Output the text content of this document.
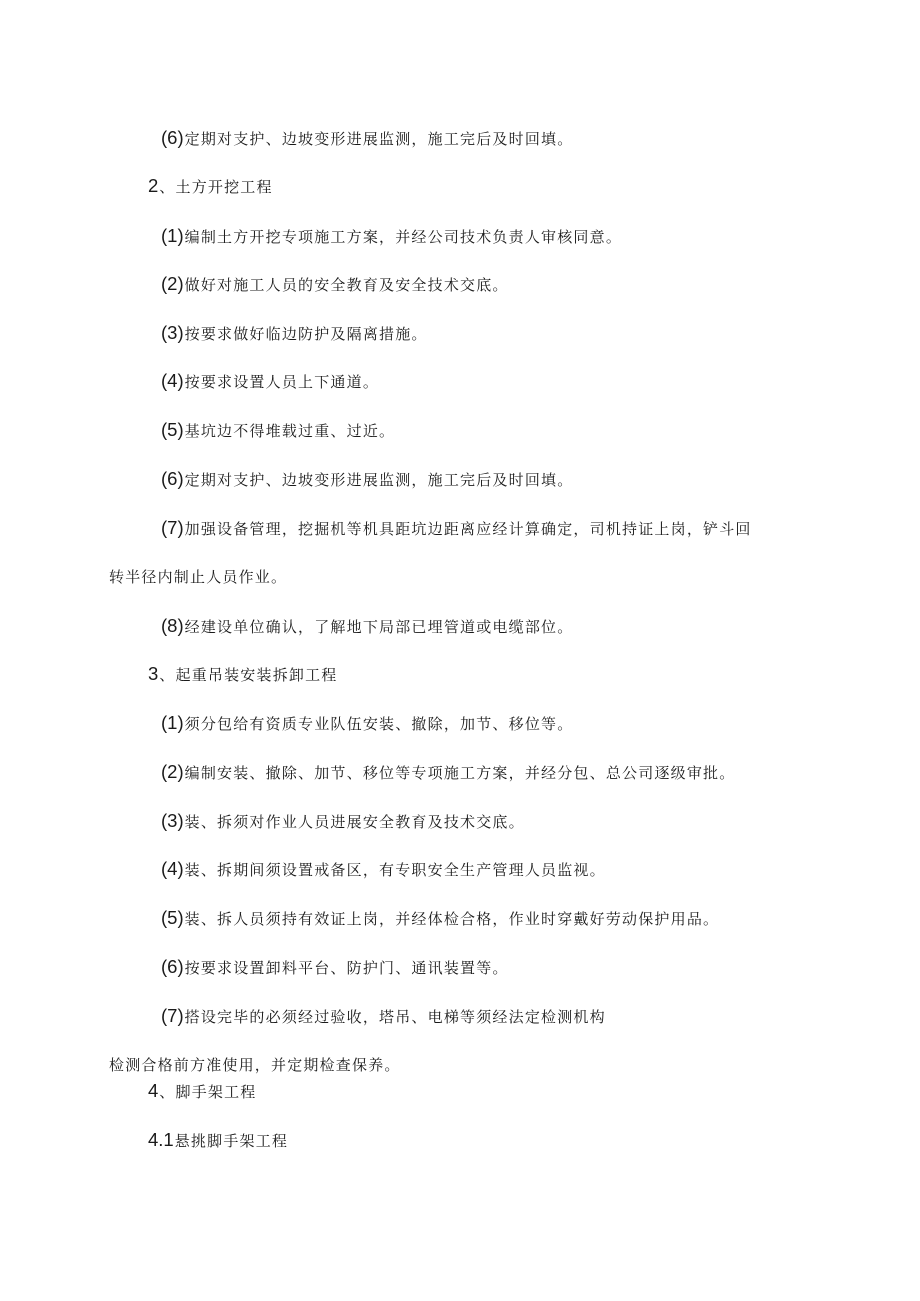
(6)定期对支护、边坡变形进展监测，施工完后及时回填。
2、土方开挖工程
(1)编制土方开挖专项施工方案，并经公司技术负责人审核同意。
(2)做好对施工人员的安全教育及安全技术交底。
(3)按要求做好临边防护及隔离措施。
(4)按要求设置人员上下通道。
(5)基坑边不得堆载过重、过近。
(6)定期对支护、边坡变形进展监测，施工完后及时回填。
(7)加强设备管理，挖掘机等机具距坑边距离应经计算确定，司机持证上岗，铲斗回
转半径内制止人员作业。
(8)经建设单位确认，了解地下局部已埋管道或电缆部位。
3、起重吊装安装拆卸工程
(1)须分包给有资质专业队伍安装、撤除，加节、移位等。
(2)编制安装、撤除、加节、移位等专项施工方案，并经分包、总公司逐级审批。
(3)装、拆须对作业人员进展安全教育及技术交底。
(4)装、拆期间须设置戒备区，有专职安全生产管理人员监视。
(5)装、拆人员须持有效证上岗，并经体检合格，作业时穿戴好劳动保护用品。
(6)按要求设置卸料平台、防护门、通讯装置等。
(7)搭设完毕的必须经过验收，塔吊、电梯等须经法定检测机构
检测合格前方准使用，并定期检查保养。
4、脚手架工程
4.1悬挑脚手架工程
